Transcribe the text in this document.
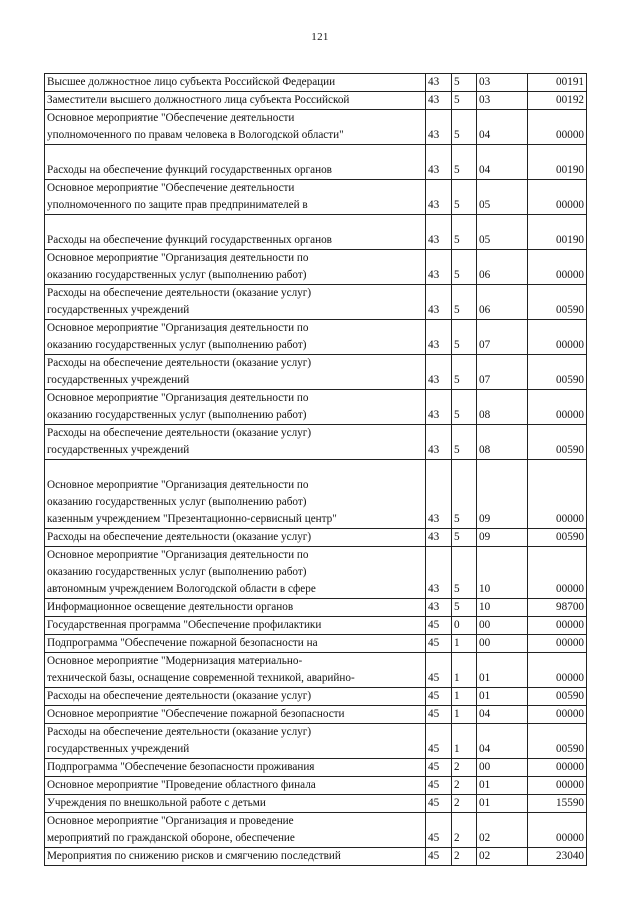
121
Высшее должностное лицо субъекта Российской Федерации	43	5	03	00191

Заместители высшего должностного лица субъекта Российской	43	5	03	00192

Основное мероприятие "Обеспечение деятельности
уполномоченного по правам человека в Вологодской области"	43	5	04	00000

Расходы на обеспечение функций государственных органов	43	5	04	00190

Основное мероприятие "Обеспечение деятельности
уполномоченного по защите прав предпринимателей в	43	5	05	00000

Расходы на обеспечение функций государственных органов	43	5	05	00190

Основное мероприятие "Организация деятельности по
оказанию государственных услуг (выполнению работ)	43	5	06	00000

Расходы на обеспечение деятельности (оказание услуг)
государственных учреждений	43	5	06	00590

Основное мероприятие "Организация деятельности по
оказанию государственных услуг (выполнению работ)	43	5	07	00000

Расходы на обеспечение деятельности (оказание услуг)
государственных учреждений	43	5	07	00590

Основное мероприятие "Организация деятельности по
оказанию государственных услуг (выполнению работ)	43	5	08	00000

Расходы на обеспечение деятельности (оказание услуг)
государственных учреждений	43	5	08	00590

Основное мероприятие "Организация деятельности по
оказанию государственных услуг (выполнению работ)
казенным учреждением "Презентационно-сервисный центр"	43	5	09	00000

Расходы на обеспечение деятельности (оказание услуг)	43	5	09	00590

Основное мероприятие "Организация деятельности по
оказанию государственных услуг (выполнению работ)
автономным учреждением Вологодской области в сфере	43	5	10	00000

Информационное освещение деятельности органов	43	5	10	98700

Государственная программа "Обеспечение профилактики	45	0	00	00000

Подпрограмма "Обеспечение пожарной безопасности на	45	1	00	00000

Основное мероприятие "Модернизация материально-
технической базы, оснащение современной техникой, аварийно-	45	1	01	00000

Расходы на обеспечение деятельности (оказание услуг)	45	1	01	00590

Основное мероприятие "Обеспечение пожарной безопасности	45	1	04	00000

Расходы на обеспечение деятельности (оказание услуг)
государственных учреждений	45	1	04	00590

Подпрограмма "Обеспечение безопасности проживания	45	2	00	00000

Основное мероприятие "Проведение областного финала	45	2	01	00000

Учреждения по внешкольной работе с детьми	45	2	01	15590

Основное мероприятие "Организация и проведение
мероприятий по гражданской обороне, обеспечение	45	2	02	00000

Мероприятия по снижению рисков и смягчению последствий	45	2	02	23040
